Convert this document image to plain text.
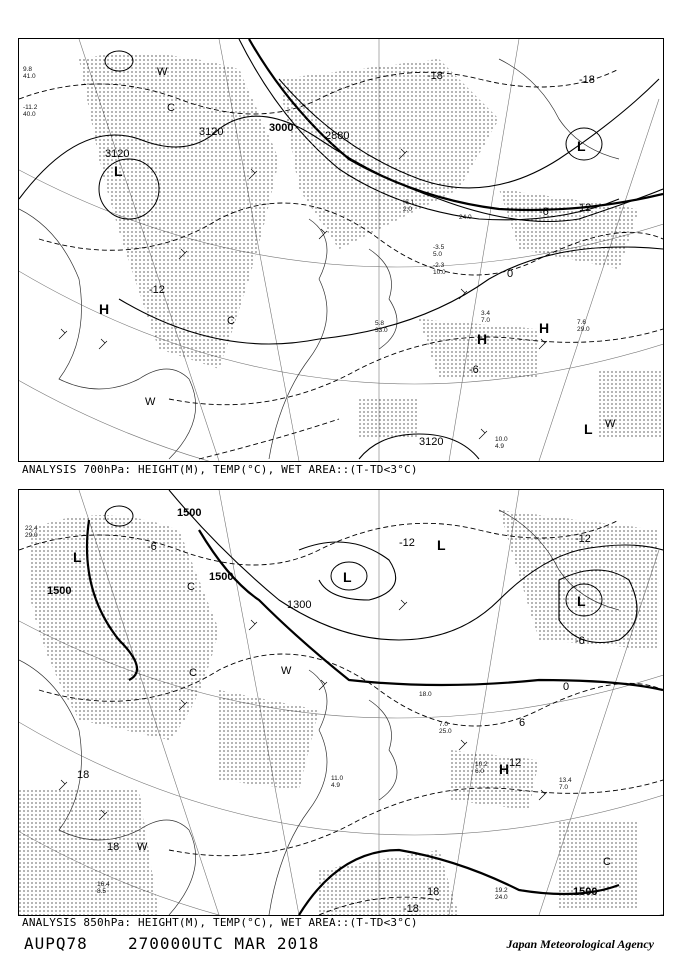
9.8 41.0
-11.2 40.0
3.4 7.0	7.6 29.0
10.0 4.9
5.8 33.0
-2.3 10.0
-3.5 5.0
24.0
-6.1 2.0
3120
3120
3000
2880
3120
-18	-18
12
-6
0
-6
-12
L
L
L
H
H
H
C
C
W
W
W
ANALYSIS 700hPa: HEIGHT(M), TEMP(°C), WET AREA::(T-TD<3°C)
22.4 29.0
10.2 6.0
13.4 7.0
19.2 24.0
11.0 4.9
7.0 25.0
16.4 8.5
18.0
1500
1500
1500
1300
1500
-12
-12
-6
0
6
12
18
18
18
-18
-6
L
L
L
L
H
C
C
C
W
W
ANALYSIS 850hPa: HEIGHT(M), TEMP(°C), WET AREA::(T-TD<3°C)
AUPQ78	270000UTC MAR 2018	Japan Meteorological Agency
